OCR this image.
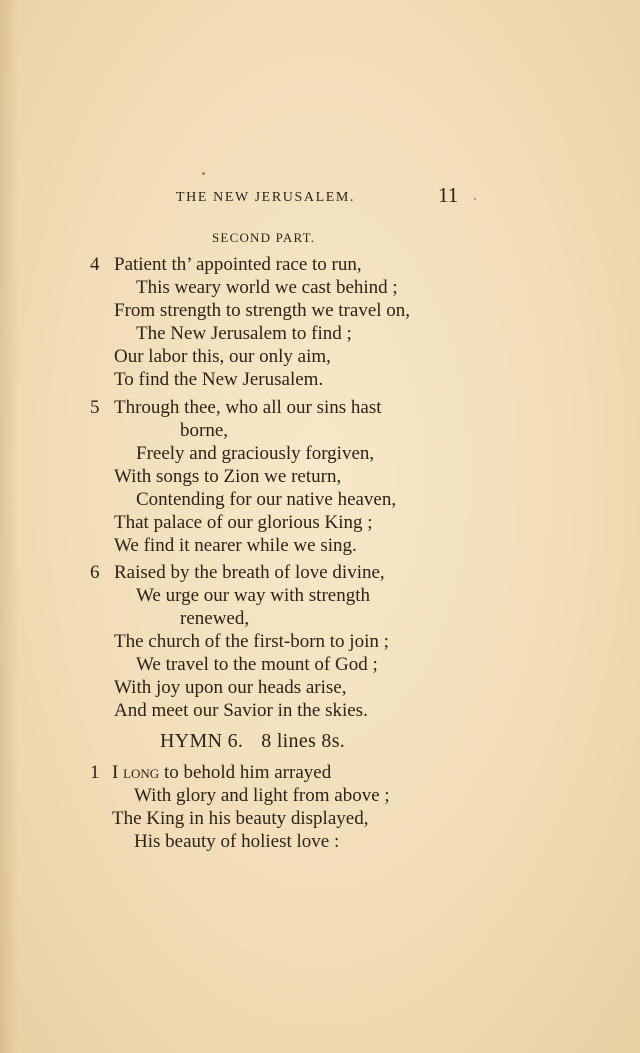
THE NEW JERUSALEM.	11
SECOND PART.
4 Patient th’ appointed race to run,
This weary world we cast behind ;
From strength to strength we travel on,
The New Jerusalem to find ;
Our labor this, our only aim,
To find the New Jerusalem.
5 Through thee, who all our sins hast
borne,
Freely and graciously forgiven,
With songs to Zion we return,
Contending for our native heaven,
That palace of our glorious King ;
We find it nearer while we sing.
6 Raised by the breath of love divine,
We urge our way with strength
renewed,
The church of the first-born to join ;
We travel to the mount of God ;
With joy upon our heads arise,
And meet our Savior in the skies.
HYMN 6. 8 lines 8s.
1 I long to behold him arrayed
With glory and light from above ;
The King in his beauty displayed,
His beauty of holiest love :
